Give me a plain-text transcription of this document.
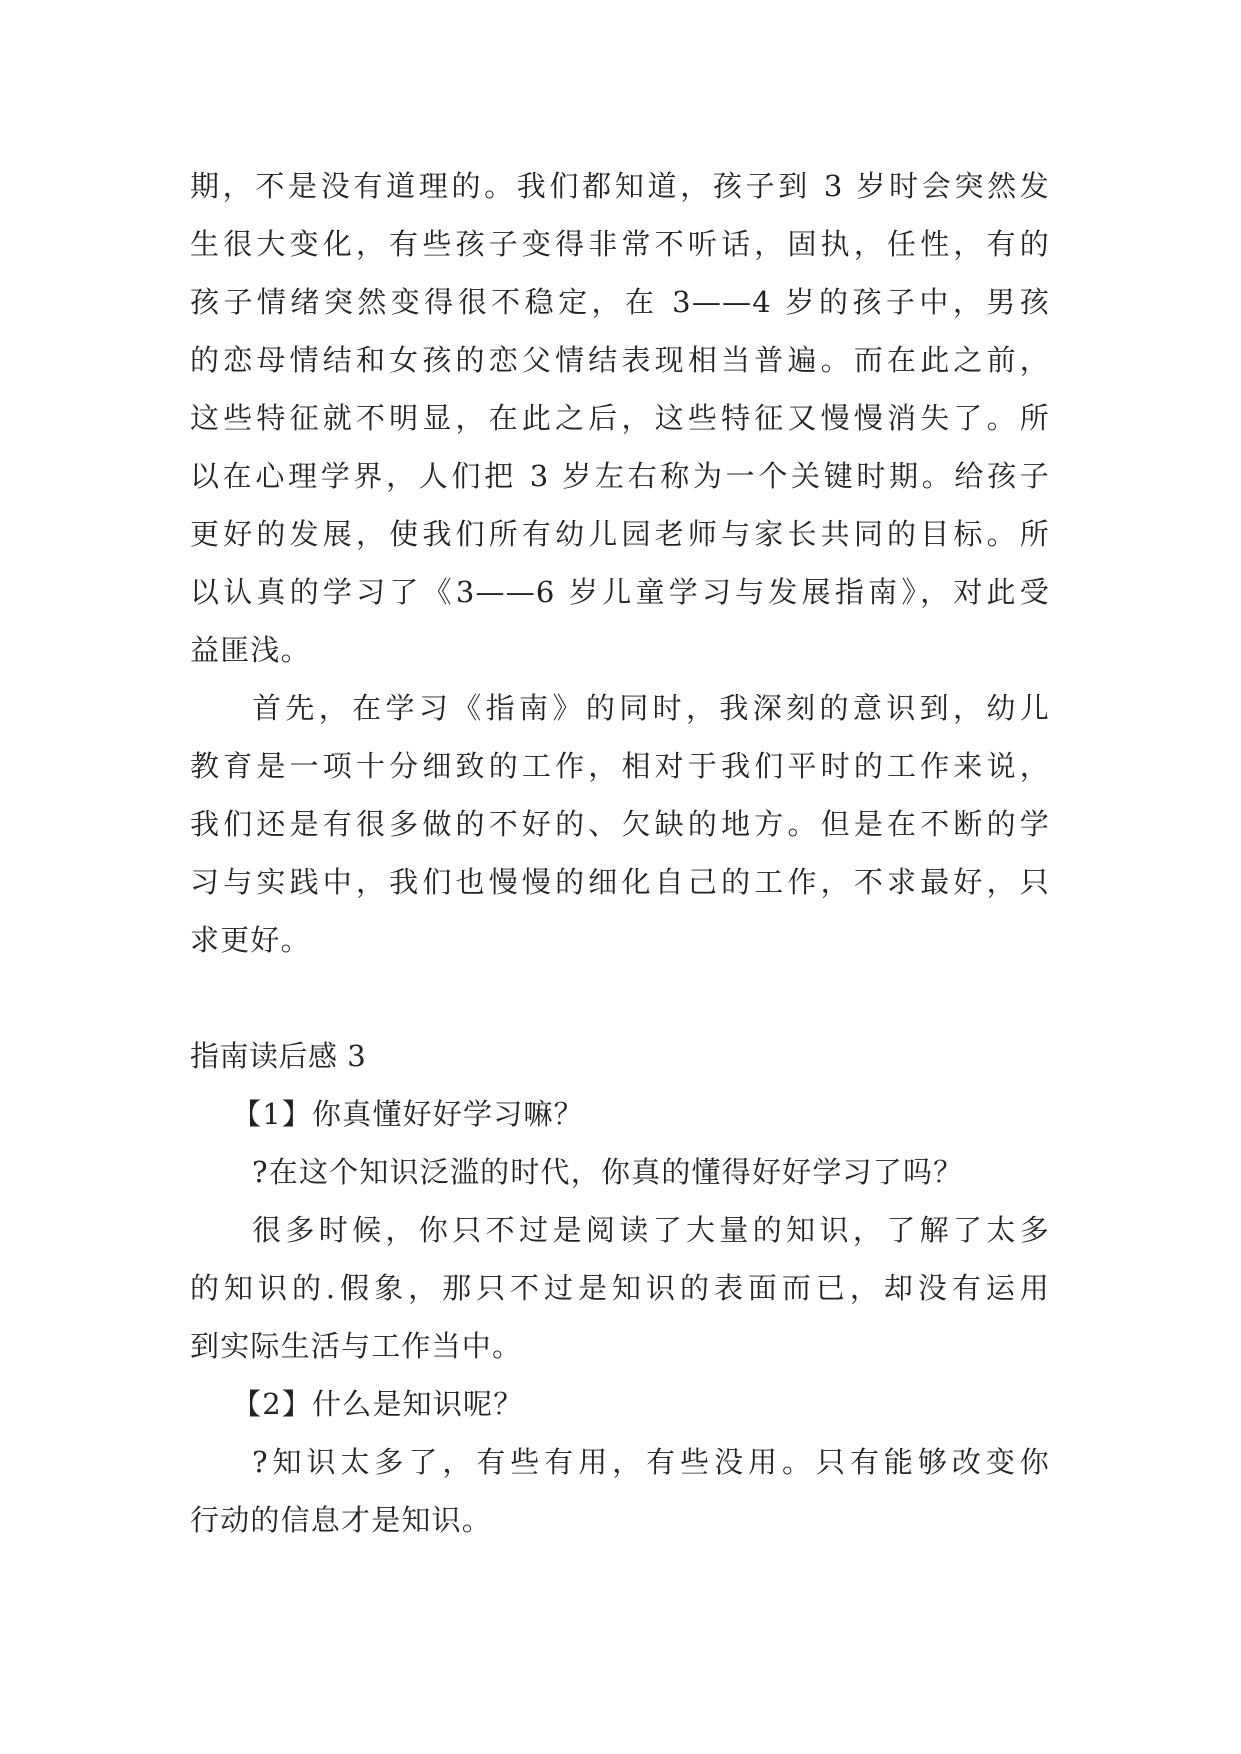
期，不是没有道理的。我们都知道，孩子到 3 岁时会突然发
生很大变化，有些孩子变得非常不听话，固执，任性，有的
孩子情绪突然变得很不稳定，在 3——4 岁的孩子中，男孩
的恋母情结和女孩的恋父情结表现相当普遍。而在此之前，
这些特征就不明显，在此之后，这些特征又慢慢消失了。所
以在心理学界，人们把 3 岁左右称为一个关键时期。给孩子
更好的发展，使我们所有幼儿园老师与家长共同的目标。所
以认真的学习了《3——6 岁儿童学习与发展指南》，对此受
益匪浅。
首先，在学习《指南》的同时，我深刻的意识到，幼儿
教育是一项十分细致的工作，相对于我们平时的工作来说，
我们还是有很多做的不好的、欠缺的地方。但是在不断的学
习与实践中，我们也慢慢的细化自己的工作，不求最好，只
求更好。
指南读后感 3
【1】你真懂好好学习嘛？
?在这个知识泛滥的时代，你真的懂得好好学习了吗？
很多时候，你只不过是阅读了大量的知识，了解了太多
的知识的.假象，那只不过是知识的表面而已，却没有运用
到实际生活与工作当中。
【2】什么是知识呢？
?知识太多了，有些有用，有些没用。只有能够改变你
行动的信息才是知识。
